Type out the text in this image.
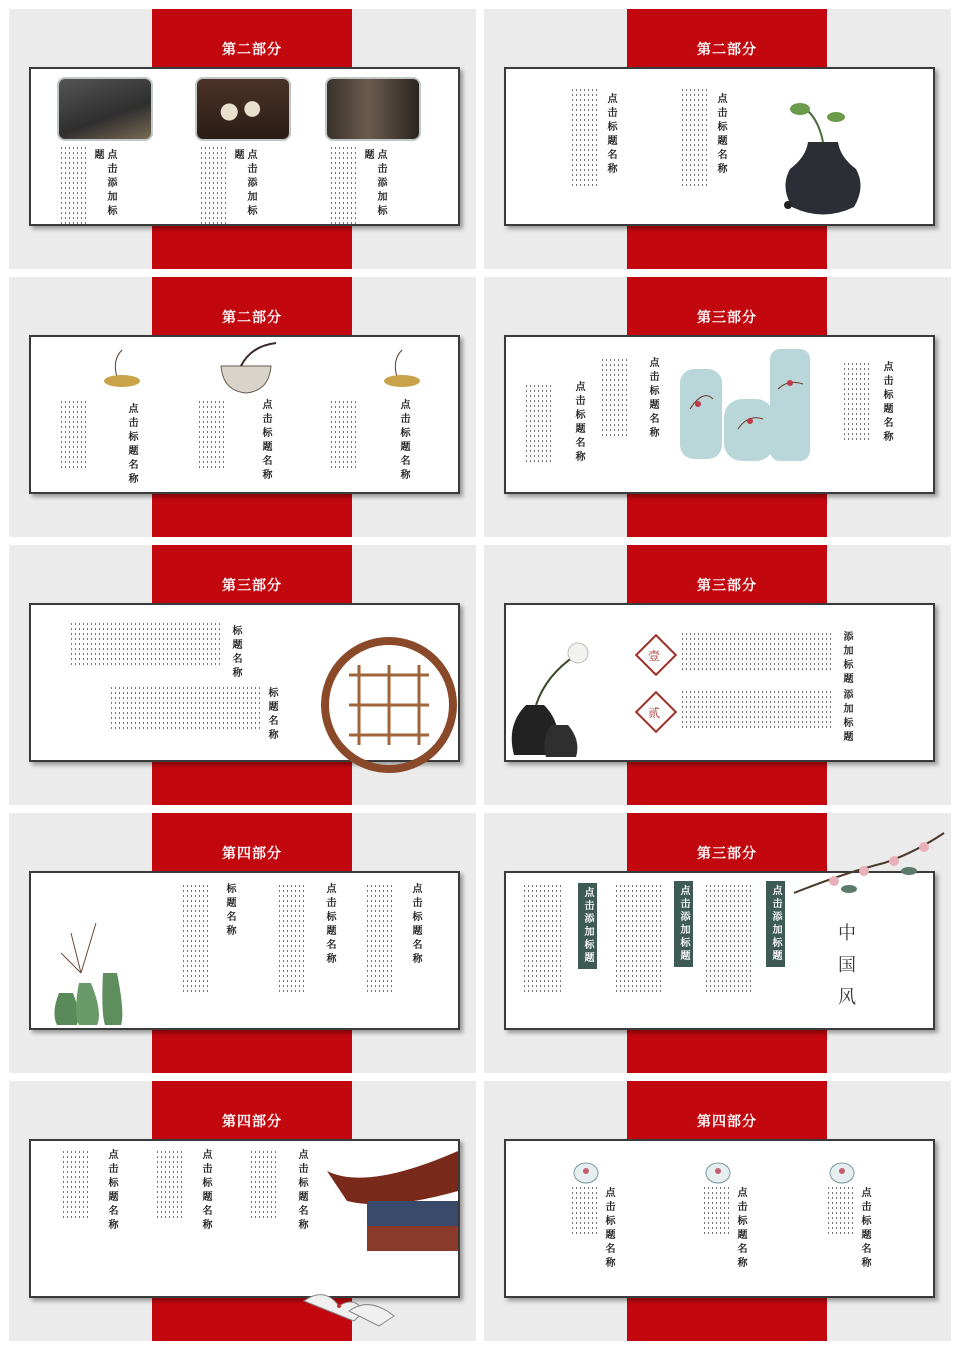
第二部分
点击添加标题	点击添加标题	点击添加标题
第二部分
点击标题名称	点击标题名称
第二部分
点击标题名称	点击标题名称	点击标题名称
第三部分
点击标题名称	点击标题名称	点击标题名称
第三部分
标题名称
标题名称
第三部分
壹
贰
添加标题
添加标题
第四部分
标题名称	点击标题名称	点击标题名称
第三部分
点击添加标题	点击添加标题	点击添加标题	中国风
第四部分
点击标题名称	点击标题名称	点击标题名称
第四部分
点击标题名称	点击标题名称	点击标题名称
